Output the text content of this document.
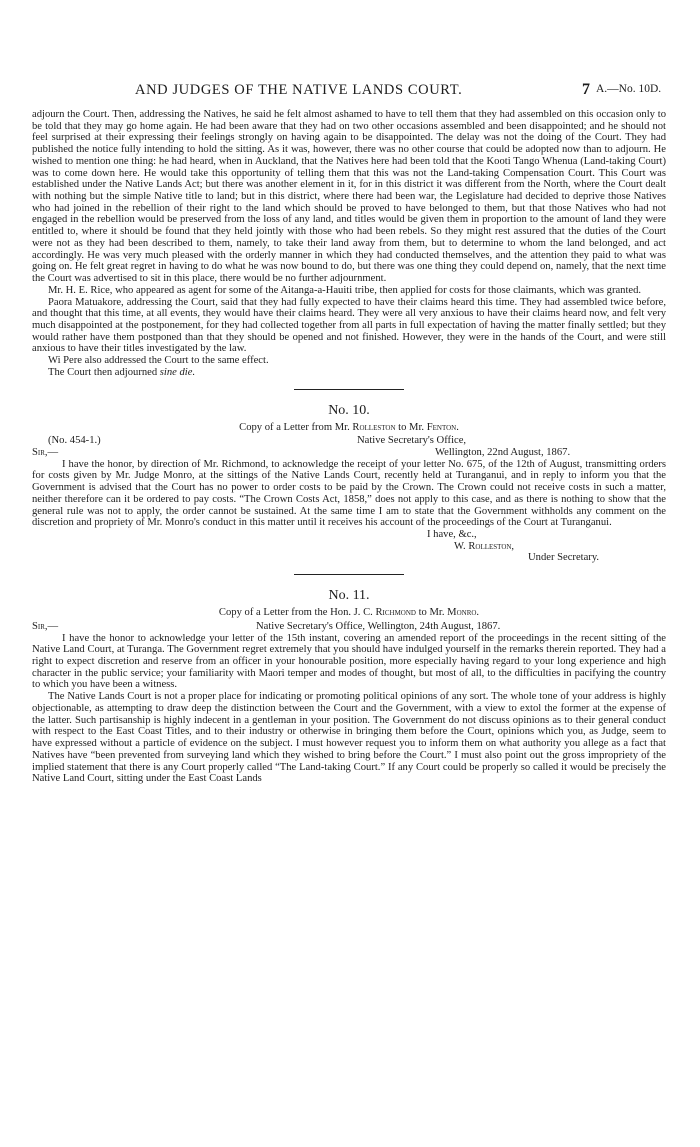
AND JUDGES OF THE NATIVE LANDS COURT.	7 A.—No. 10D.

adjourn the Court. Then, addressing the Natives, he said he felt almost ashamed to have to tell them that they had assembled on this occasion only to be told that they may go home again. He had been aware that they had on two other occasions assembled and been disappointed; and he should not feel surprised at their expressing their feelings strongly on having again to be disappointed. The delay was not the doing of the Court. They had published the notice fully intending to hold the sitting. As it was, however, there was no other course that could be adopted now than to adjourn. He wished to mention one thing: he had heard, when in Auckland, that the Natives here had been told that the Kooti Tango Whenua (Land-taking Court) was to come down here. He would take this opportunity of telling them that this was not the Land-taking Compensation Court. This Court was established under the Native Lands Act; but there was another element in it, for in this district it was different from the North, where the Court dealt with nothing but the simple Native title to land; but in this district, where there had been war, the Legislature had decided to deprive those Natives who had joined in the rebellion of their right to the land which should be proved to have belonged to them, but that those Natives who had not engaged in the rebellion would be preserved from the loss of any land, and titles would be given them in proportion to the amount of land they were entitled to, where it should be found that they held jointly with those who had been rebels. So they might rest assured that the duties of the Court were not as they had been described to them, namely, to take their land away from them, but to determine to whom the land belonged, and act accordingly. He was very much pleased with the orderly manner in which they had conducted themselves, and the attention they paid to what was going on. He felt great regret in having to do what he was now bound to do, but there was one thing they could depend on, namely, that the next time the Court was advertised to sit in this place, there would be no further adjournment.

Mr. H. E. Rice, who appeared as agent for some of the Aitanga-a-Hauiti tribe, then applied for costs for those claimants, which was granted.

Paora Matuakore, addressing the Court, said that they had fully expected to have their claims heard this time. They had assembled twice before, and thought that this time, at all events, they would have their claims heard. They were all very anxious to have their claims heard now, and felt very much disappointed at the postponement, for they had collected together from all parts in full expectation of having the matter finally settled; but they would rather have them postponed than that they should be opened and not finished. However, they were in the hands of the Court, and were still anxious to have their titles investigated by the law.

Wi Pere also addressed the Court to the same effect.

The Court then adjourned sine die.

No. 10.
Copy of a Letter from Mr. Rolleston to Mr. Fenton.
(No. 454-1.)	Native Secretary's Office,
Sir,—	Wellington, 22nd August, 1867.

I have the honor, by direction of Mr. Richmond, to acknowledge the receipt of your letter No. 675, of the 12th of August, transmitting orders for costs given by Mr. Judge Monro, at the sittings of the Native Lands Court, recently held at Turanganui, and in reply to inform you that the Government is advised that the Court has no power to order costs to be paid by the Crown. The Crown could not receive costs in such a matter, neither therefore can it be ordered to pay costs. “The Crown Costs Act, 1858,” does not apply to this case, and as there is nothing to show that the general rule was not to apply, the order cannot be sustained. At the same time I am to state that the Government withholds any comment on the discretion and propriety of Mr. Monro's conduct in this matter until it receives his account of the proceedings of the Court at Turanganui.

I have, &c.,
W. Rolleston,
Under Secretary.
No. 11.
Copy of a Letter from the Hon. J. C. Richmond to Mr. Monro.
Sir,—	Native Secretary's Office, Wellington, 24th August, 1867.

I have the honor to acknowledge your letter of the 15th instant, covering an amended report of the proceedings in the recent sitting of the Native Land Court, at Turanga. The Government regret extremely that you should have indulged yourself in the remarks therein reported. They had a right to expect discretion and reserve from an officer in your honourable position, more especially having regard to your long experience and high character in the public service; your familiarity with Maori temper and modes of thought, but most of all, to the difficulties in pacifying the country to which you have been a witness.

The Native Lands Court is not a proper place for indicating or promoting political opinions of any sort. The whole tone of your address is highly objectionable, as attempting to draw deep the distinction between the Court and the Government, with a view to extol the former at the expense of the latter. Such partisanship is highly indecent in a gentleman in your position. The Government do not discuss opinions as to their general conduct with respect to the East Coast Titles, and to their industry or otherwise in bringing them before the Court, opinions which you, as Judge, seem to have expressed without a particle of evidence on the subject. I must however request you to inform them on what authority you allege as a fact that Natives have “been prevented from surveying land which they wished to bring before the Court.” I must also point out the gross impropriety of the implied statement that there is any Court properly called “The Land-taking Court.” If any Court could be properly so called it would be precisely the Native Land Court, sitting under the East Coast Lands
